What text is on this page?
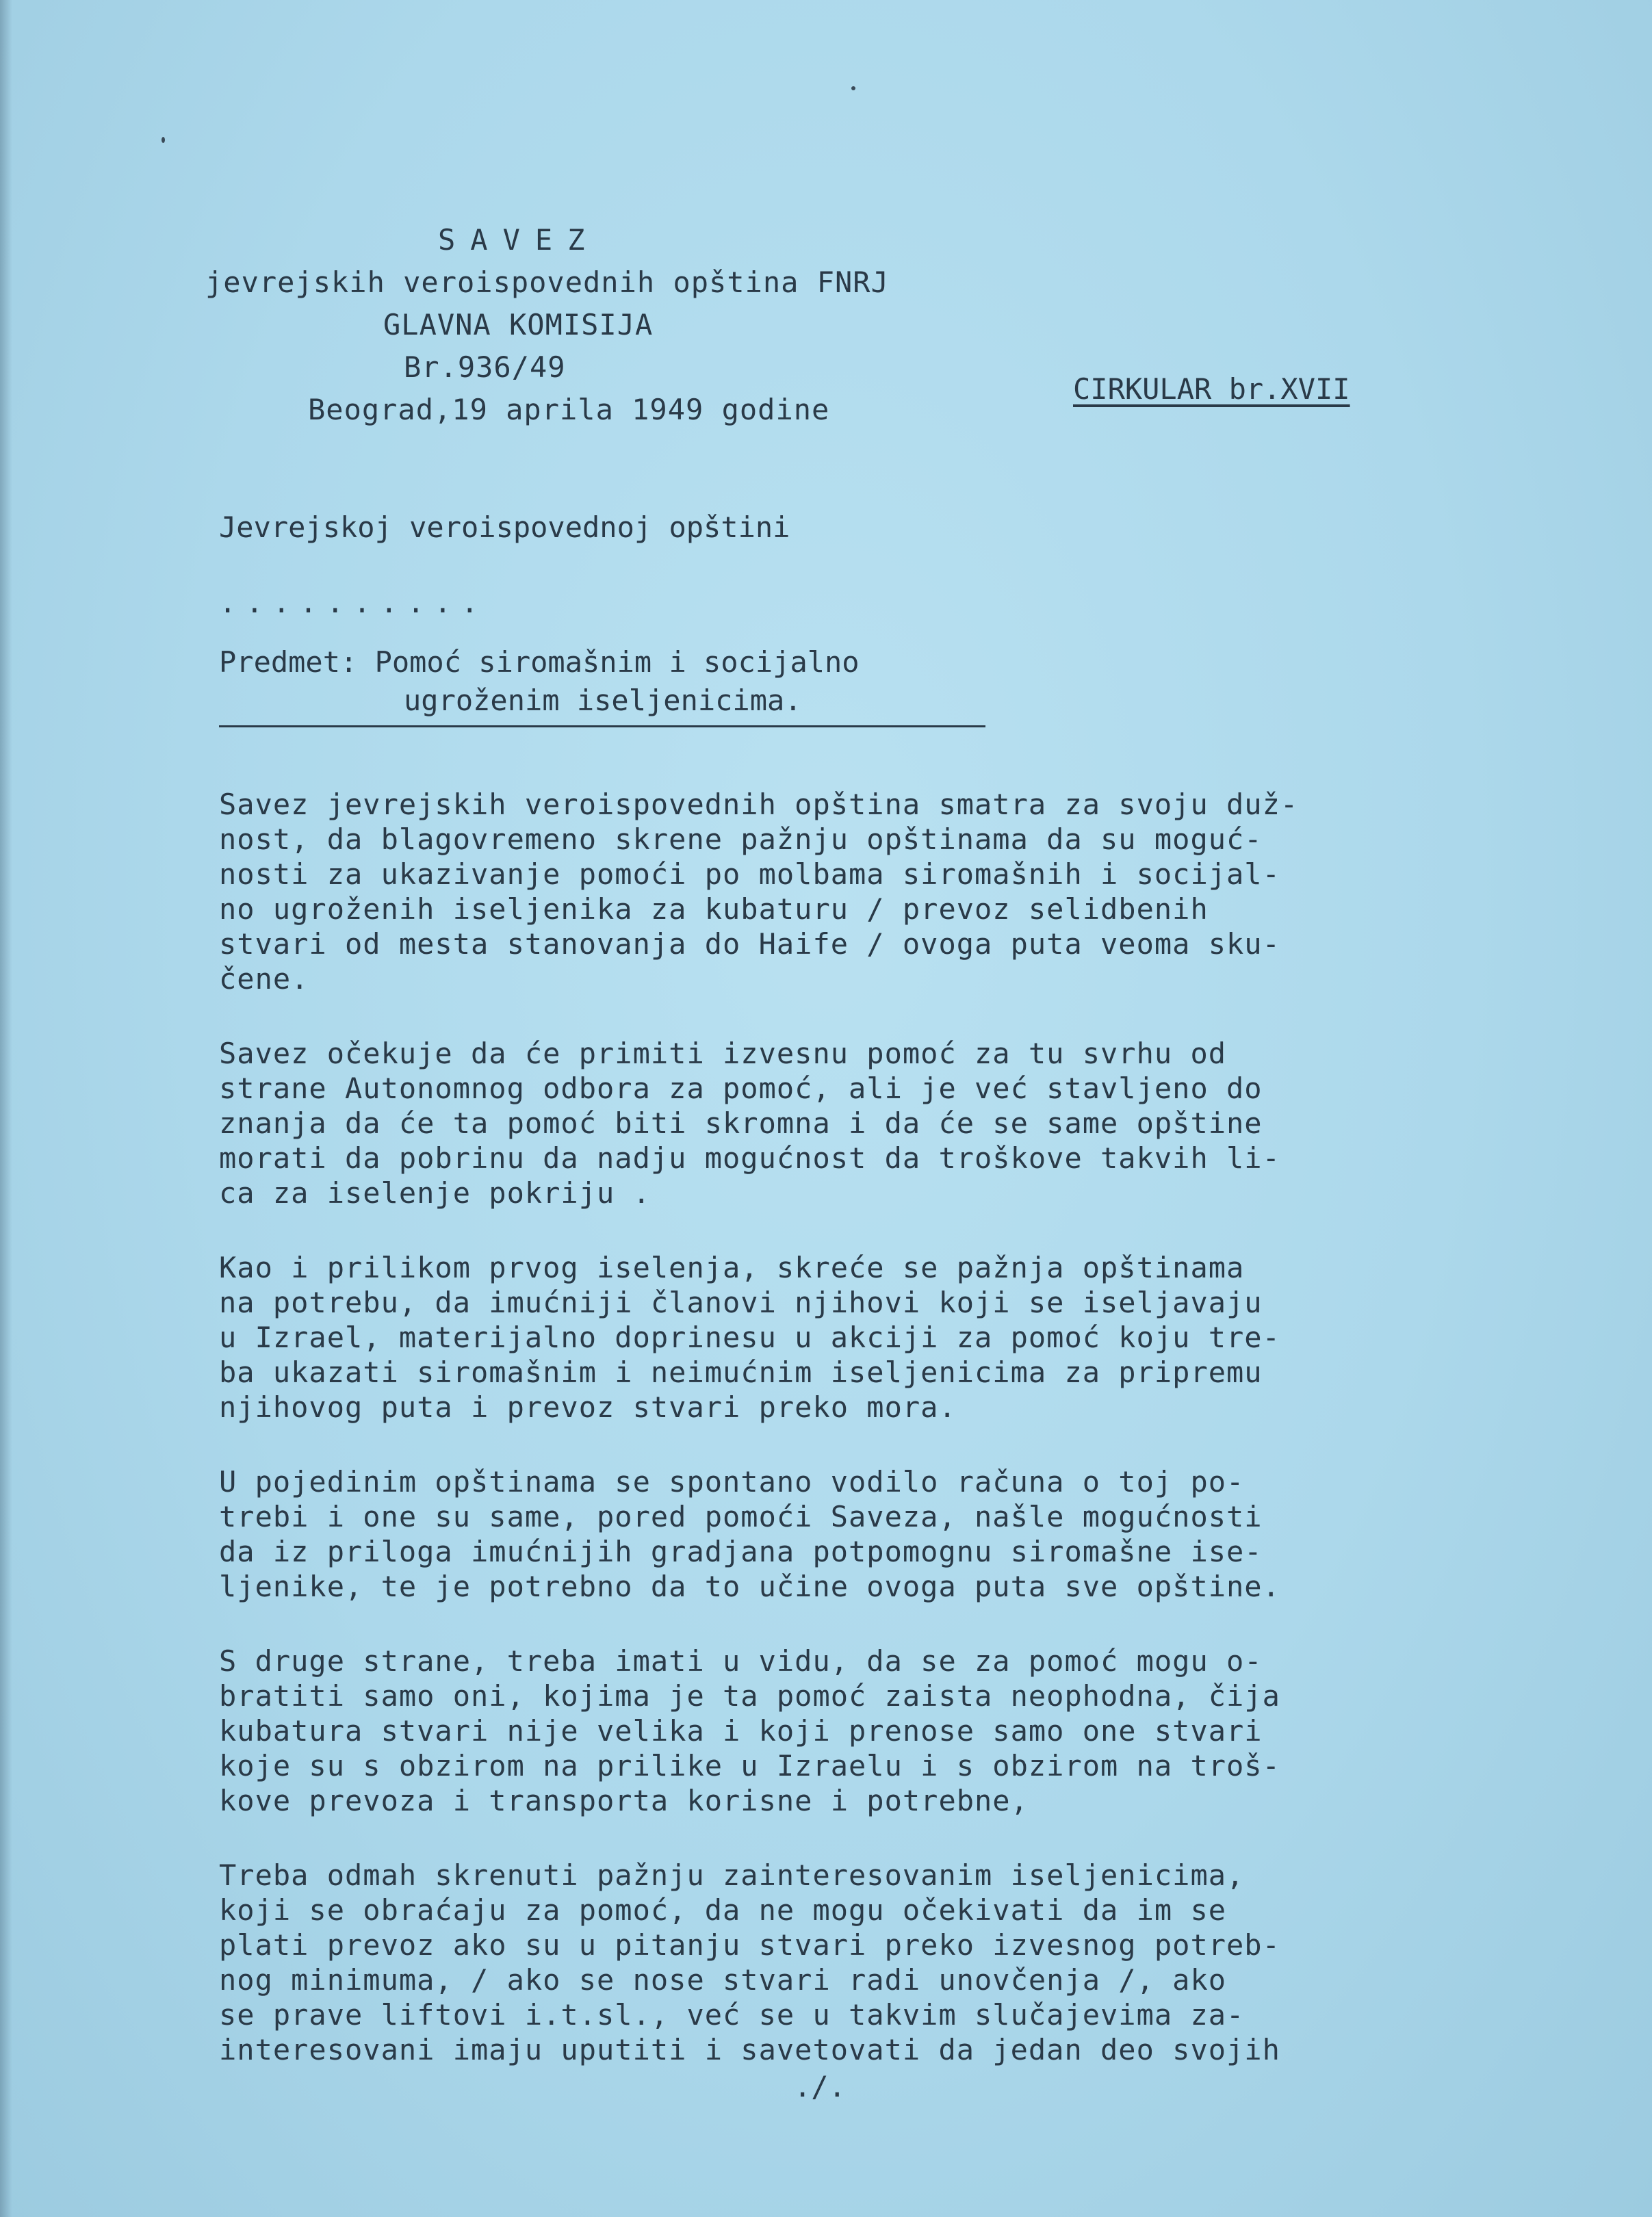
SAVEZ
jevrejskih veroispovednih opština FNRJ
GLAVNA KOMISIJA
Br.936/49
Beograd,19 aprila 1949 godine
CIRKULAR br.XVII
Jevrejskoj veroispovednoj opštini
..........
Predmet: Pomoć siromašnim i socijalno
ugroženim iseljenicima.
Savez jevrejskih veroispovednih opština smatra za svoju duž-
nost, da blagovremeno skrene pažnju opštinama da su moguć-
nosti za ukazivanje pomoći po molbama siromašnih i socijal-
no ugroženih iseljenika za kubaturu / prevoz selidbenih
stvari od mesta stanovanja do Haife / ovoga puta veoma sku-
čene.
Savez očekuje da će primiti izvesnu pomoć za tu svrhu od
strane Autonomnog odbora za pomoć, ali je već stavljeno do
znanja da će ta pomoć biti skromna i da će se same opštine
morati da pobrinu da nadju mogućnost da troškove takvih li-
ca za iselenje pokriju .
Kao i prilikom prvog iselenja, skreće se pažnja opštinama
na potrebu, da imućniji članovi njihovi koji se iseljavaju
u Izrael, materijalno doprinesu u akciji za pomoć koju tre-
ba ukazati siromašnim i neimućnim iseljenicima za pripremu
njihovog puta i prevoz stvari preko mora.
U pojedinim opštinama se spontano vodilo računa o toj po-
trebi i one su same, pored pomoći Saveza, našle mogućnosti
da iz priloga imućnijih gradjana potpomognu siromašne ise-
ljenike, te je potrebno da to učine ovoga puta sve opštine.
S druge strane, treba imati u vidu, da se za pomoć mogu o-
bratiti samo oni, kojima je ta pomoć zaista neophodna, čija
kubatura stvari nije velika i koji prenose samo one stvari
koje su s obzirom na prilike u Izraelu i s obzirom na troš-
kove prevoza i transporta korisne i potrebne,
Treba odmah skrenuti pažnju zainteresovanim iseljenicima,
koji se obraćaju za pomoć, da ne mogu očekivati da im se
plati prevoz ako su u pitanju stvari preko izvesnog potreb-
nog minimuma, / ako se nose stvari radi unovčenja /, ako
se prave liftovi i.t.sl., već se u takvim slučajevima za-
interesovani imaju uputiti i savetovati da jedan deo svojih
./.
